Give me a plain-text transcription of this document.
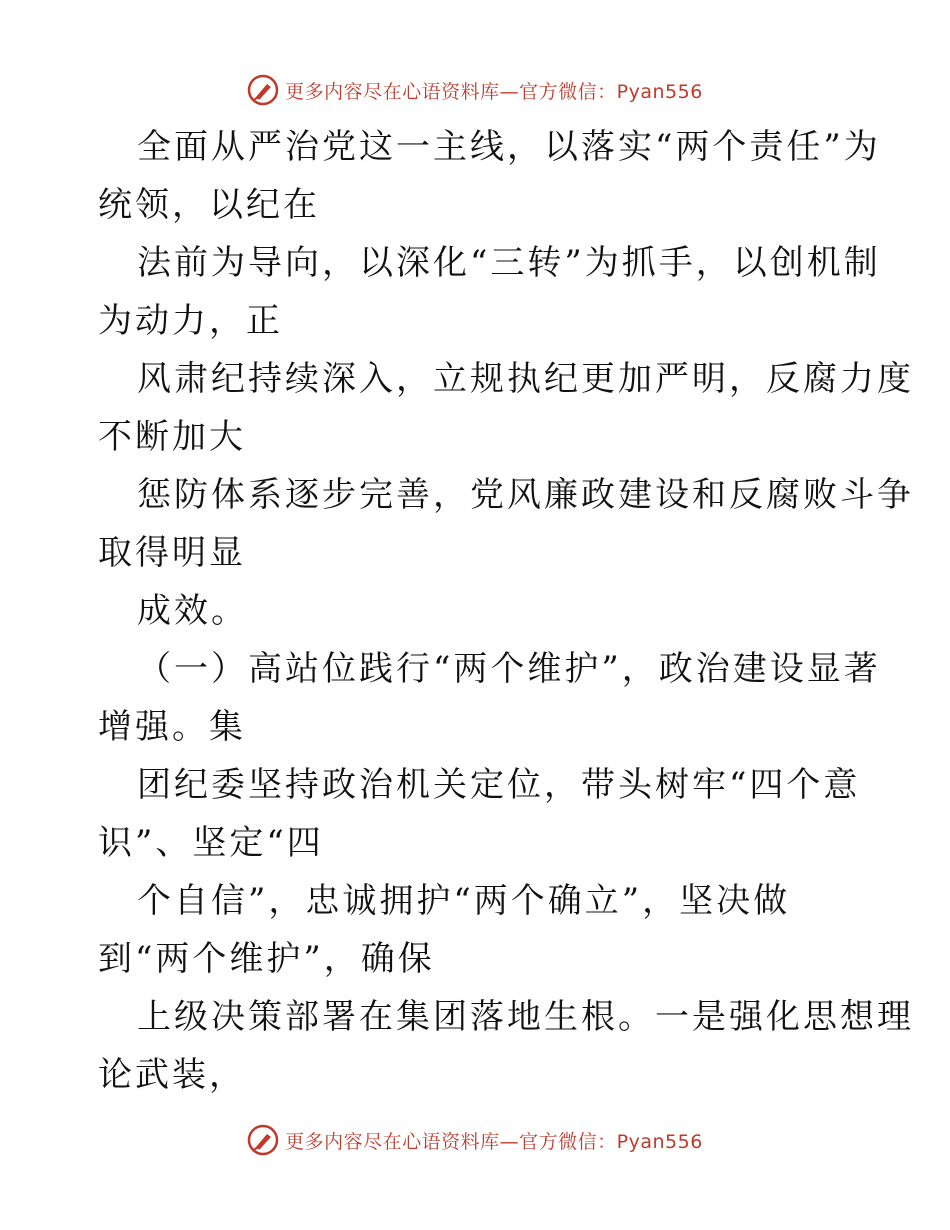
更多内容尽在心语资料库—官方微信：Pyan556
全面从严治党这一主线，以落实“两个责任”为
统领，以纪在
法前为导向，以深化“三转”为抓手，以创机制
为动力，正
风肃纪持续深入，立规执纪更加严明，反腐力度
不断加大
惩防体系逐步完善，党风廉政建设和反腐败斗争
取得明显
成效。
（一）高站位践行“两个维护”，政治建设显著
增强。集
团纪委坚持政治机关定位，带头树牢“四个意
识”、坚定“四
个自信”，忠诚拥护“两个确立”，坚决做
到“两个维护”，确保
上级决策部署在集团落地生根。一是强化思想理
论武装，
更多内容尽在心语资料库—官方微信：Pyan556
